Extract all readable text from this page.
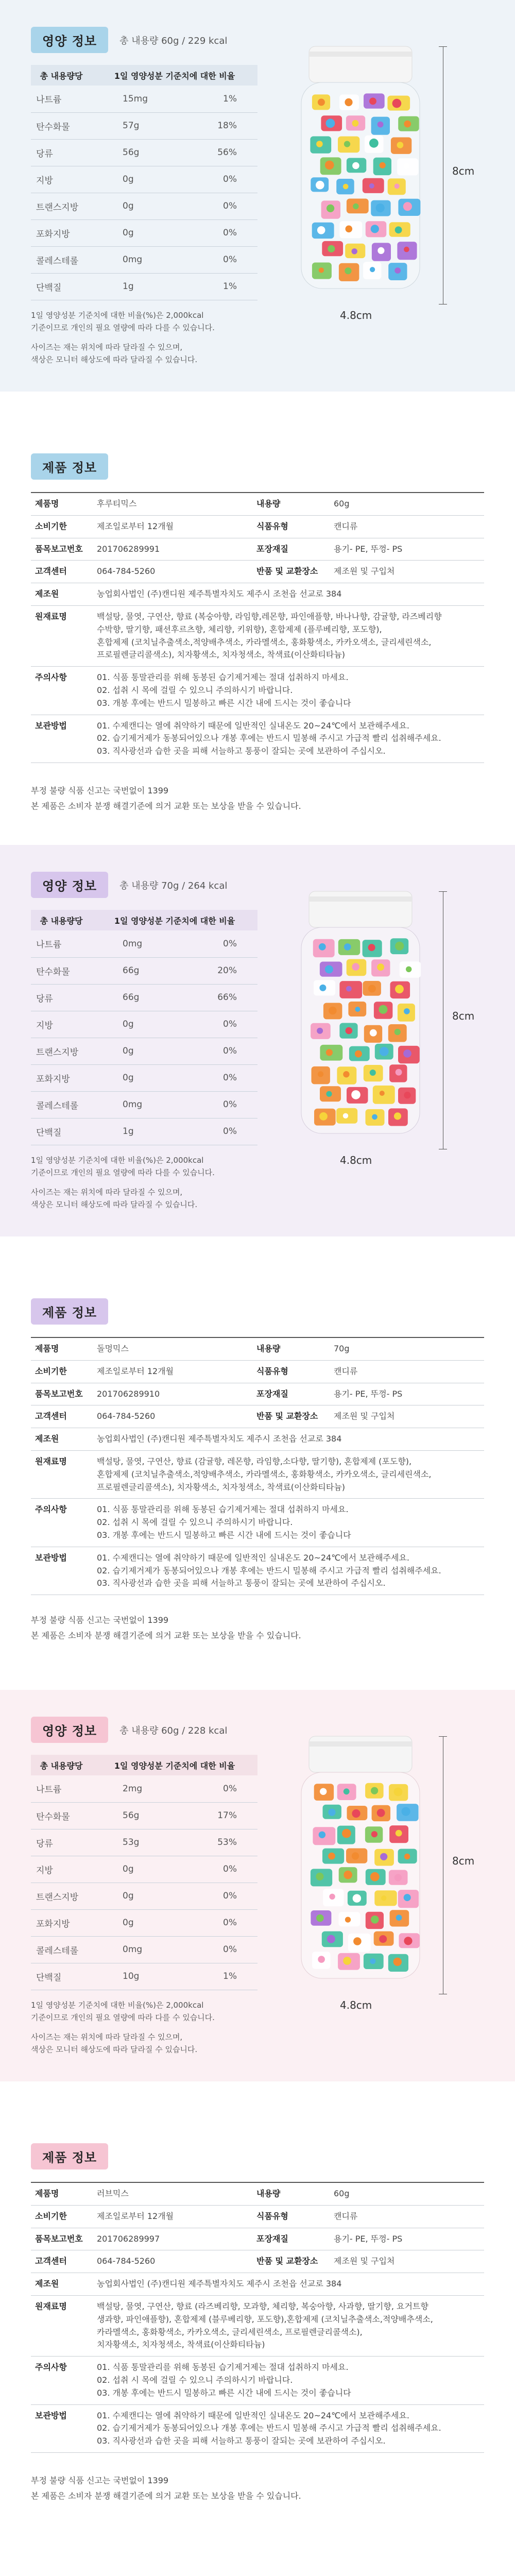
영양 정보	총 내용량 60g / 229 kcal
총 내용량당	1일 영양성분 기준치에 대한 비율	
나트륨	15mg	1%
탄수화물	57g	18%
당류	56g	56%
지방	0g	0%
트랜스지방	0g	0%
포화지방	0g	0%
콜레스테롤	0mg	0%
단백질	1g	1%

1일 영양성분 기준치에 대한 비율(%)은 2,000kcal
기준이므로 개인의 필요 열량에 따라 다를 수 있습니다.

사이즈는 재는 위치에 따라 달라질 수 있으며,
색상은 모니터 해상도에 따라 달라질 수 있습니다.

8cm
4.8cm
제품 정보
제품명	후루티믹스	내용량	60g
소비기한	제조일로부터 12개월	식품유형	캔디류
품목보고번호	201706289991	포장재질	용기- PE, 뚜껑- PS
고객센터	064-784-5260	반품 및 교환장소	제조원 및 구입처
제조원	농업회사법인 (주)캔디원 제주특별자치도 제주시 조천읍 선교로 384		
원재료명	백설탕, 물엿, 구연산, 향료 (복숭아향, 라임향,레몬향, 파인애플향, 바나나향, 감귤향, 라즈베리향
수박향, 딸기향, 패션후르츠향, 체리향, 키위향), 혼합제제 (플루베리향, 포도향),
혼합제제 (코치닐추출색소,적양배추색소, 카라멜색소, 홍화황색소, 카카오색소, 글리세린색소,
프로필렌글리콜색소), 치자황색소, 치자청색소, 착색료(이산화티타늄)		

주의사항	01. 식품 통말관리를 위해 동봉된 습기제거제는 절대 섭취하지 마세요.
02. 섭취 시 목에 걸릴 수 있으니 주의하시기 바랍니다.
03. 개봉 후에는 반드시 밀봉하고 빠른 시간 내에 드시는 것이 좋습니다		

보관방법	01. 수제캔디는 열에 취약하기 때문에 일반적인 실내온도 20~24℃에서 보관해주세요.
02. 습기제거제가 동봉되어있으나 개봉 후에는 반드시 밀봉해 주시고 가급적 빨리 섭취해주세요.
03. 직사광선과 습한 곳을 피해 서늘하고 통풍이 잘되는 곳에 보관하여 주십시오.		
부정 불량 식품 신고는 국번없이 1399
본 제품은 소비자 분쟁 해결기준에 의거 교환 또는 보상을 받을 수 있습니다.
영양 정보	총 내용량 70g / 264 kcal
총 내용량당	1일 영양성분 기준치에 대한 비율	
나트륨	0mg	0%
탄수화물	66g	20%
당류	66g	66%
지방	0g	0%
트랜스지방	0g	0%
포화지방	0g	0%
콜레스테롤	0mg	0%
단백질	1g	0%

1일 영양성분 기준치에 대한 비율(%)은 2,000kcal
기준이므로 개인의 필요 열량에 따라 다를 수 있습니다.

사이즈는 재는 위치에 따라 달라질 수 있으며,
색상은 모니터 해상도에 따라 달라질 수 있습니다.

8cm
4.8cm
제품 정보
제품명	돌멍믹스	내용량	70g
소비기한	제조일로부터 12개월	식품유형	캔디류
품목보고번호	201706289910	포장재질	용기- PE, 뚜껑- PS
고객센터	064-784-5260	반품 및 교환장소	제조원 및 구입처
제조원	농업회사법인 (주)캔디원 제주특별자치도 제주시 조천읍 선교로 384		
원재료명	백설탕, 물엿, 구연산, 향료 (감귤향, 레몬향, 라임향,소다향, 딸기향), 혼합제제 (포도향),
혼합제제 (코치닐추출색소,적양배추색소, 카라멜색소, 홍화황색소, 카카오색소, 글리세린색소,
프로필렌글리콜색소), 치자황색소, 치자청색소, 착색료(이산화티타늄)		

주의사항	01. 식품 통말관리를 위해 동봉된 습기제거제는 절대 섭취하지 마세요.
02. 섭취 시 목에 걸릴 수 있으니 주의하시기 바랍니다.
03. 개봉 후에는 반드시 밀봉하고 빠른 시간 내에 드시는 것이 좋습니다		

보관방법	01. 수제캔디는 열에 취약하기 때문에 일반적인 실내온도 20~24℃에서 보관해주세요.
02. 습기제거제가 동봉되어있으나 개봉 후에는 반드시 밀봉해 주시고 가급적 빨리 섭취해주세요.
03. 직사광선과 습한 곳을 피해 서늘하고 통풍이 잘되는 곳에 보관하여 주십시오.		
부정 불량 식품 신고는 국번없이 1399
본 제품은 소비자 분쟁 해결기준에 의거 교환 또는 보상을 받을 수 있습니다.
영양 정보	총 내용량 60g / 228 kcal
총 내용량당	1일 영양성분 기준치에 대한 비율	
나트륨	2mg	0%
탄수화물	56g	17%
당류	53g	53%
지방	0g	0%
트랜스지방	0g	0%
포화지방	0g	0%
콜레스테롤	0mg	0%
단백질	10g	1%

1일 영양성분 기준치에 대한 비율(%)은 2,000kcal
기준이므로 개인의 필요 열량에 따라 다를 수 있습니다.

사이즈는 재는 위치에 따라 달라질 수 있으며,
색상은 모니터 해상도에 따라 달라질 수 있습니다.

8cm
4.8cm
제품 정보
제품명	러브믹스	내용량	60g
소비기한	제조일로부터 12개월	식품유형	캔디류
품목보고번호	201706289997	포장재질	용기- PE, 뚜껑- PS
고객센터	064-784-5260	반품 및 교환장소	제조원 및 구입처
제조원	농업회사법인 (주)캔디원 제주특별자치도 제주시 조천읍 선교로 384		
원재료명	백설탕, 물엿, 구연산, 향료 (라즈베리향, 모과향, 체리향, 복숭아향, 사과향, 딸기향, 요거트향
생과향, 파인애플향), 혼합제제 (블루베리향, 포도향),혼합제제 (코치닐추출색소,적양배추색소,
카라멜색소, 홍화황색소, 카카오색소, 글리세린색소, 프로필렌글리콜색소),
치자황색소, 치자청색소, 착색료(이산화티타늄)		

주의사항	01. 식품 통말관리를 위해 동봉된 습기제거제는 절대 섭취하지 마세요.
02. 섭취 시 목에 걸릴 수 있으니 주의하시기 바랍니다.
03. 개봉 후에는 반드시 밀봉하고 빠른 시간 내에 드시는 것이 좋습니다		

보관방법	01. 수제캔디는 열에 취약하기 때문에 일반적인 실내온도 20~24℃에서 보관해주세요.
02. 습기제거제가 동봉되어있으나 개봉 후에는 반드시 밀봉해 주시고 가급적 빨리 섭취해주세요.
03. 직사광선과 습한 곳을 피해 서늘하고 통풍이 잘되는 곳에 보관하여 주십시오.		
부정 불량 식품 신고는 국번없이 1399
본 제품은 소비자 분쟁 해결기준에 의거 교환 또는 보상을 받을 수 있습니다.
